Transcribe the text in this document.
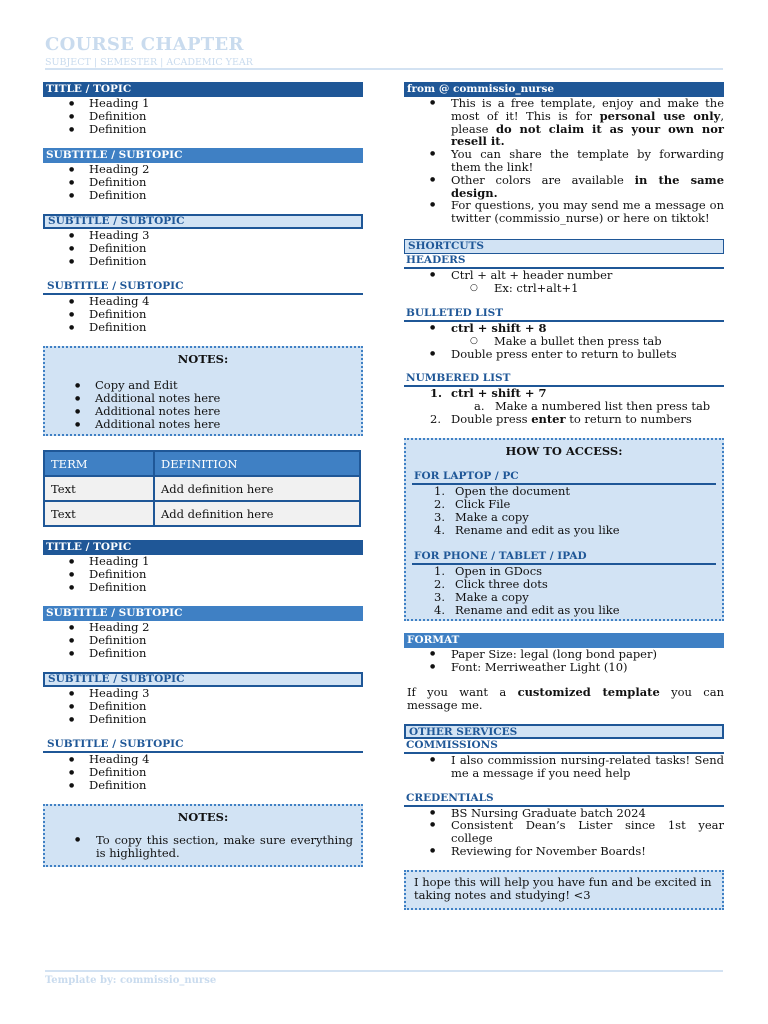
COURSE CHAPTER
SUBJECT | SEMESTER | ACADEMIC YEAR
TITLE / TOPIC
● Heading 1
● Definition
● Definition
SUBTITLE / SUBTOPIC
● Heading 2
● Definition
● Definition
SUBTITLE / SUBTOPIC
● Heading 3
● Definition
● Definition
SUBTITLE / SUBTOPIC
● Heading 4
● Definition
● Definition
NOTES:
● Copy and Edit
● Additional notes here
● Additional notes here
● Additional notes here
TERM	DEFINITION
Text	Add definition here
Text	Add definition here
TITLE / TOPIC
● Heading 1
● Definition
● Definition
SUBTITLE / SUBTOPIC
● Heading 2
● Definition
● Definition
SUBTITLE / SUBTOPIC
● Heading 3
● Definition
● Definition
SUBTITLE / SUBTOPIC
● Heading 4
● Definition
● Definition
NOTES:
● To copy this section, make sure everything is highlighted.
from @ commissio_nurse
● This is a free template, enjoy and make the most of it! This is for personal use only, please do not claim it as your own nor resell it.
● You can share the template by forwarding them the link!
● Other colors are available in the same design.
● For questions, you may send me a message on twitter (commissio_nurse) or here on tiktok!
SHORTCUTS
HEADERS
● Ctrl + alt + header number
○ Ex: ctrl+alt+1
BULLETED LIST
● ctrl + shift + 8
○ Make a bullet then press tab
● Double press enter to return to bullets
NUMBERED LIST
1. ctrl + shift + 7
a. Make a numbered list then press tab
2. Double press enter to return to numbers
HOW TO ACCESS:
FOR LAPTOP / PC
1. Open the document
2. Click File
3. Make a copy
4. Rename and edit as you like
FOR PHONE / TABLET / IPAD
1. Open in GDocs
2. Click three dots
3. Make a copy
4. Rename and edit as you like
FORMAT
● Paper Size: legal (long bond paper)
● Font: Merriweather Light (10)
If you want a customized template you can message me.
OTHER SERVICES
COMMISSIONS
● I also commission nursing-related tasks! Send me a message if you need help
CREDENTIALS
● BS Nursing Graduate batch 2024
● Consistent Dean’s Lister since 1st year college
● Reviewing for November Boards!
I hope this will help you have fun and be excited in taking notes and studying! <3
Template by: commissio_nurse
